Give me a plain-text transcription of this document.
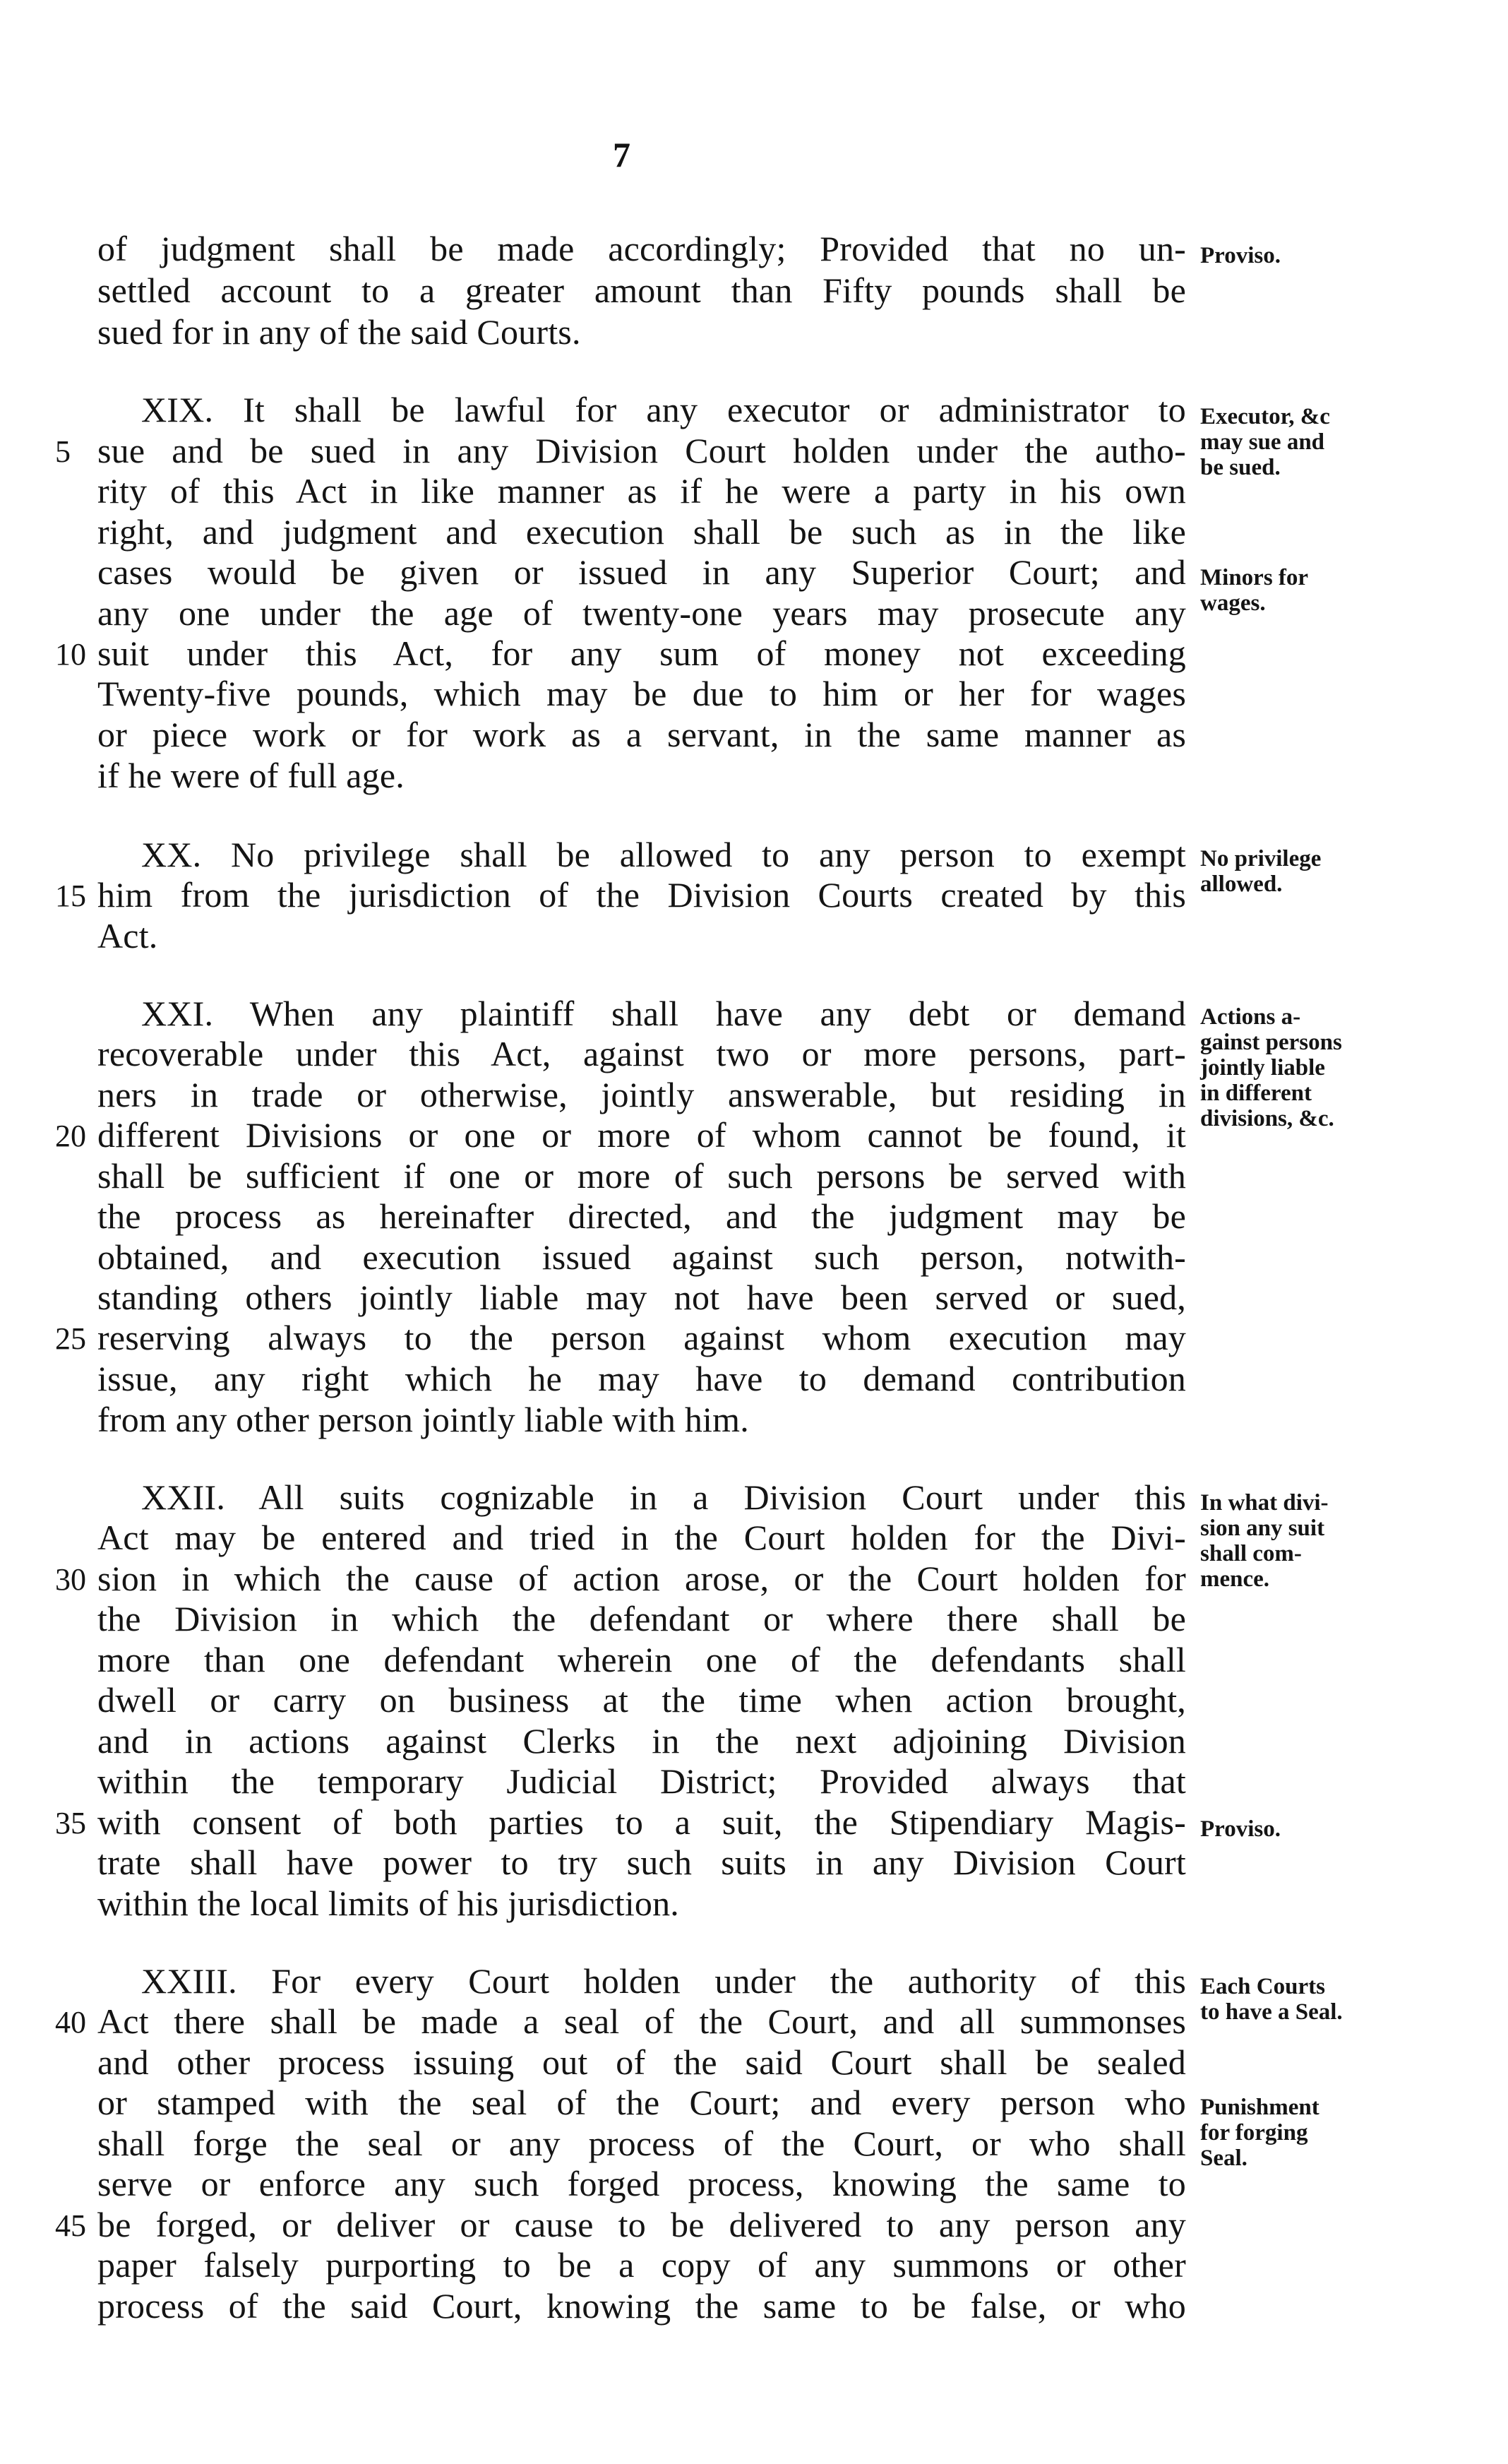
7
of judgment shall be made accordingly; Provided that no un-
settled account to a greater amount than Fifty pounds shall be
sued for in any of the said Courts.
XIX. It shall be lawful for any executor or administrator to
sue and be sued in any Division Court holden under the autho-
rity of this Act in like manner as if he were a party in his own
right, and judgment and execution shall be such as in the like
cases would be given or issued in any Superior Court; and
any one under the age of twenty-one years may prosecute any
suit under this Act, for any sum of money not exceeding
Twenty-five pounds, which may be due to him or her for wages
or piece work or for work as a servant, in the same manner as
if he were of full age.
XX. No privilege shall be allowed to any person to exempt
him from the jurisdiction of the Division Courts created by this
Act.
XXI. When any plaintiff shall have any debt or demand
recoverable under this Act, against two or more persons, part-
ners in trade or otherwise, jointly answerable, but residing in
different Divisions or one or more of whom cannot be found, it
shall be sufficient if one or more of such persons be served with
the process as hereinafter directed, and the judgment may be
obtained, and execution issued against such person, notwith-
standing others jointly liable may not have been served or sued,
reserving always to the person against whom execution may
issue, any right which he may have to demand contribution
from any other person jointly liable with him.
XXII. All suits cognizable in a Division Court under this
Act may be entered and tried in the Court holden for the Divi-
sion in which the cause of action arose, or the Court holden for
the Division in which the defendant or where there shall be
more than one defendant wherein one of the defendants shall
dwell or carry on business at the time when action brought,
and in actions against Clerks in the next adjoining Division
within the temporary Judicial District; Provided always that
with consent of both parties to a suit, the Stipendiary Magis-
trate shall have power to try such suits in any Division Court
within the local limits of his jurisdiction.
XXIII. For every Court holden under the authority of this
Act there shall be made a seal of the Court, and all summonses
and other process issuing out of the said Court shall be sealed
or stamped with the seal of the Court; and every person who
shall forge the seal or any process of the Court, or who shall
serve or enforce any such forged process, knowing the same to
be forged, or deliver or cause to be delivered to any person any
paper falsely purporting to be a copy of any summons or other
process of the said Court, knowing the same to be false, or who
5
10
15
20
25
30
35
40
45
Proviso.
Executor, &c
may sue and
be sued.
Minors for
wages.
No privilege
allowed.
Actions a-
gainst persons
jointly liable
in different
divisions, &c.
In what divi-
sion any suit
shall com-
mence.
Proviso.
Each Courts
to have a Seal.
Punishment
for forging
Seal.
